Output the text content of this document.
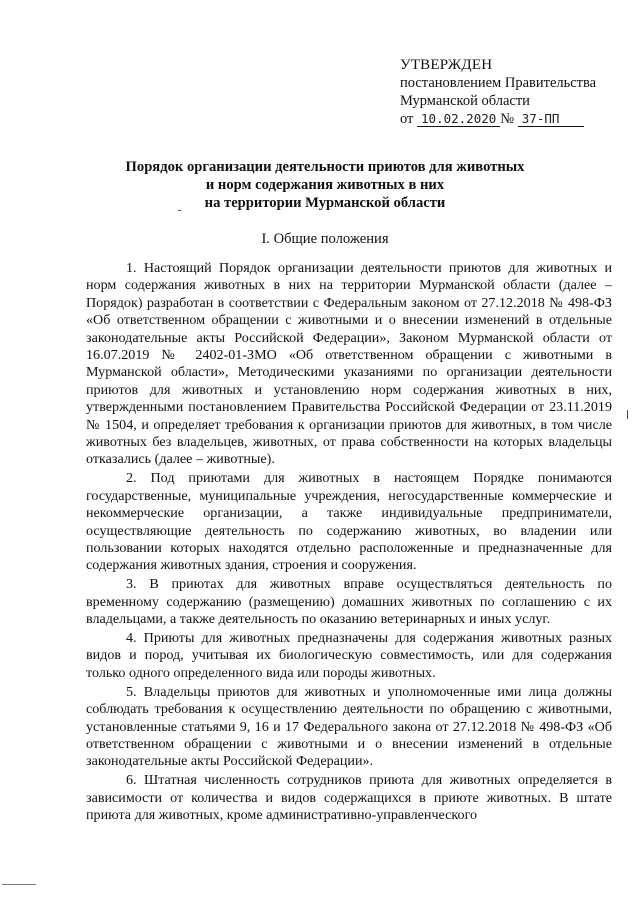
УТВЕРЖДЕН
постановлением Правительства
Мурманской области
от 10.02.2020 № 37-ПП
Порядок организации деятельности приютов для животных
и норм содержания животных в них
на территории Мурманской области
I. Общие положения

1. Настоящий Порядок организации деятельности приютов для животных и норм содержания животных в них на территории Мурманской области (далее – Порядок) разработан в соответствии с Федеральным законом от 27.12.2018 № 498-ФЗ «Об ответственном обращении с животными и о внесении изменений в отдельные законодательные акты Российской Федерации», Законом Мурманской области от 16.07.2019 № 2402-01-ЗМО «Об ответственном обращении с животными в Мурманской области», Методическими указаниями по организации деятельности приютов для животных и установлению норм содержания животных в них, утвержденными постановлением Правительства Российской Федерации от 23.11.2019 № 1504, и определяет требования к организации приютов для животных, в том числе животных без владельцев, животных, от права собственности на которых владельцы отказались (далее – животные).

2. Под приютами для животных в настоящем Порядке понимаются государственные, муниципальные учреждения, негосударственные коммерческие и некоммерческие организации, а также индивидуальные предприниматели, осуществляющие деятельность по содержанию животных, во владении или пользовании которых находятся отдельно расположенные и предназначенные для содержания животных здания, строения и сооружения.

3. В приютах для животных вправе осуществляться деятельность по временному содержанию (размещению) домашних животных по соглашению с их владельцами, а также деятельность по оказанию ветеринарных и иных услуг.

4. Приюты для животных предназначены для содержания животных разных видов и пород, учитывая их биологическую совместимость, или для содержания только одного определенного вида или породы животных.

5. Владельцы приютов для животных и уполномоченные ими лица должны соблюдать требования к осуществлению деятельности по обращению с животными, установленные статьями 9, 16 и 17 Федерального закона от 27.12.2018 № 498-ФЗ «Об ответственном обращении с животными и о внесении изменений в отдельные законодательные акты Российской Федерации».

6. Штатная численность сотрудников приюта для животных определяется в зависимости от количества и видов содержащихся в приюте животных. В штате приюта для животных, кроме административно-управленческого
